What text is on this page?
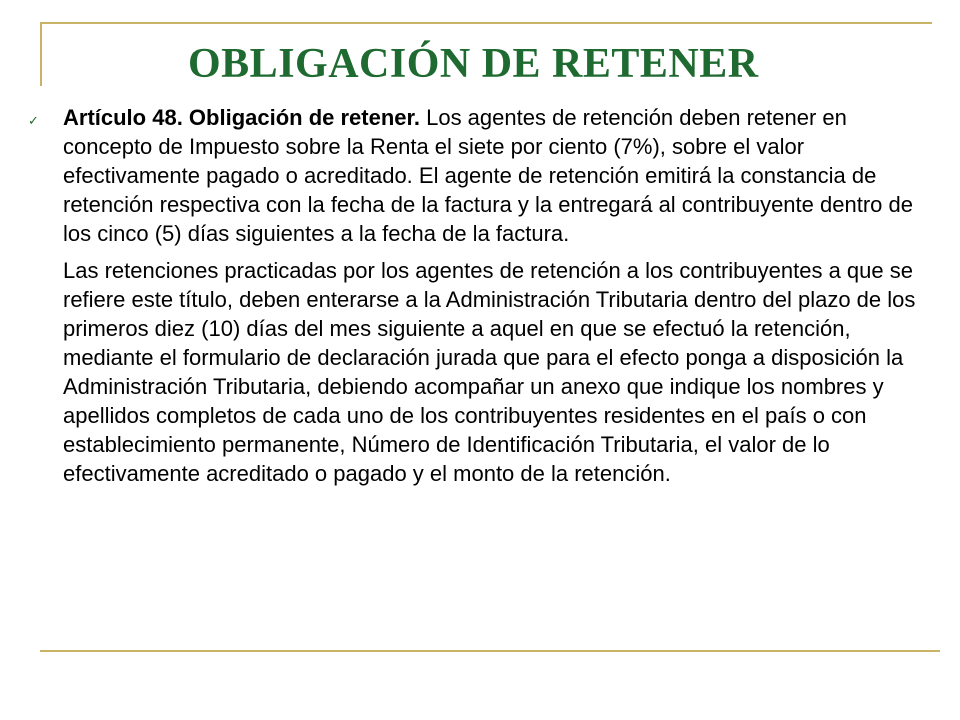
OBLIGACIÓN DE RETENER
✓ Artículo 48. Obligación de retener. Los agentes de retención deben retener en concepto de Impuesto sobre la Renta el siete por ciento (7%), sobre el valor efectivamente pagado o acreditado. El agente de retención emitirá la constancia de retención respectiva con la fecha de la factura y la entregará al contribuyente dentro de los cinco (5) días siguientes a la fecha de la factura.

Las retenciones practicadas por los agentes de retención a los contribuyentes a que se refiere este título, deben enterarse a la Administración Tributaria dentro del plazo de los primeros diez (10) días del mes siguiente a aquel en que se efectuó la retención, mediante el formulario de declaración jurada que para el efecto ponga a disposición la Administración Tributaria, debiendo acompañar un anexo que indique los nombres y apellidos completos de cada uno de los contribuyentes residentes en el país o con establecimiento permanente, Número de Identificación Tributaria, el valor de lo efectivamente acreditado o pagado y el monto de la retención.
